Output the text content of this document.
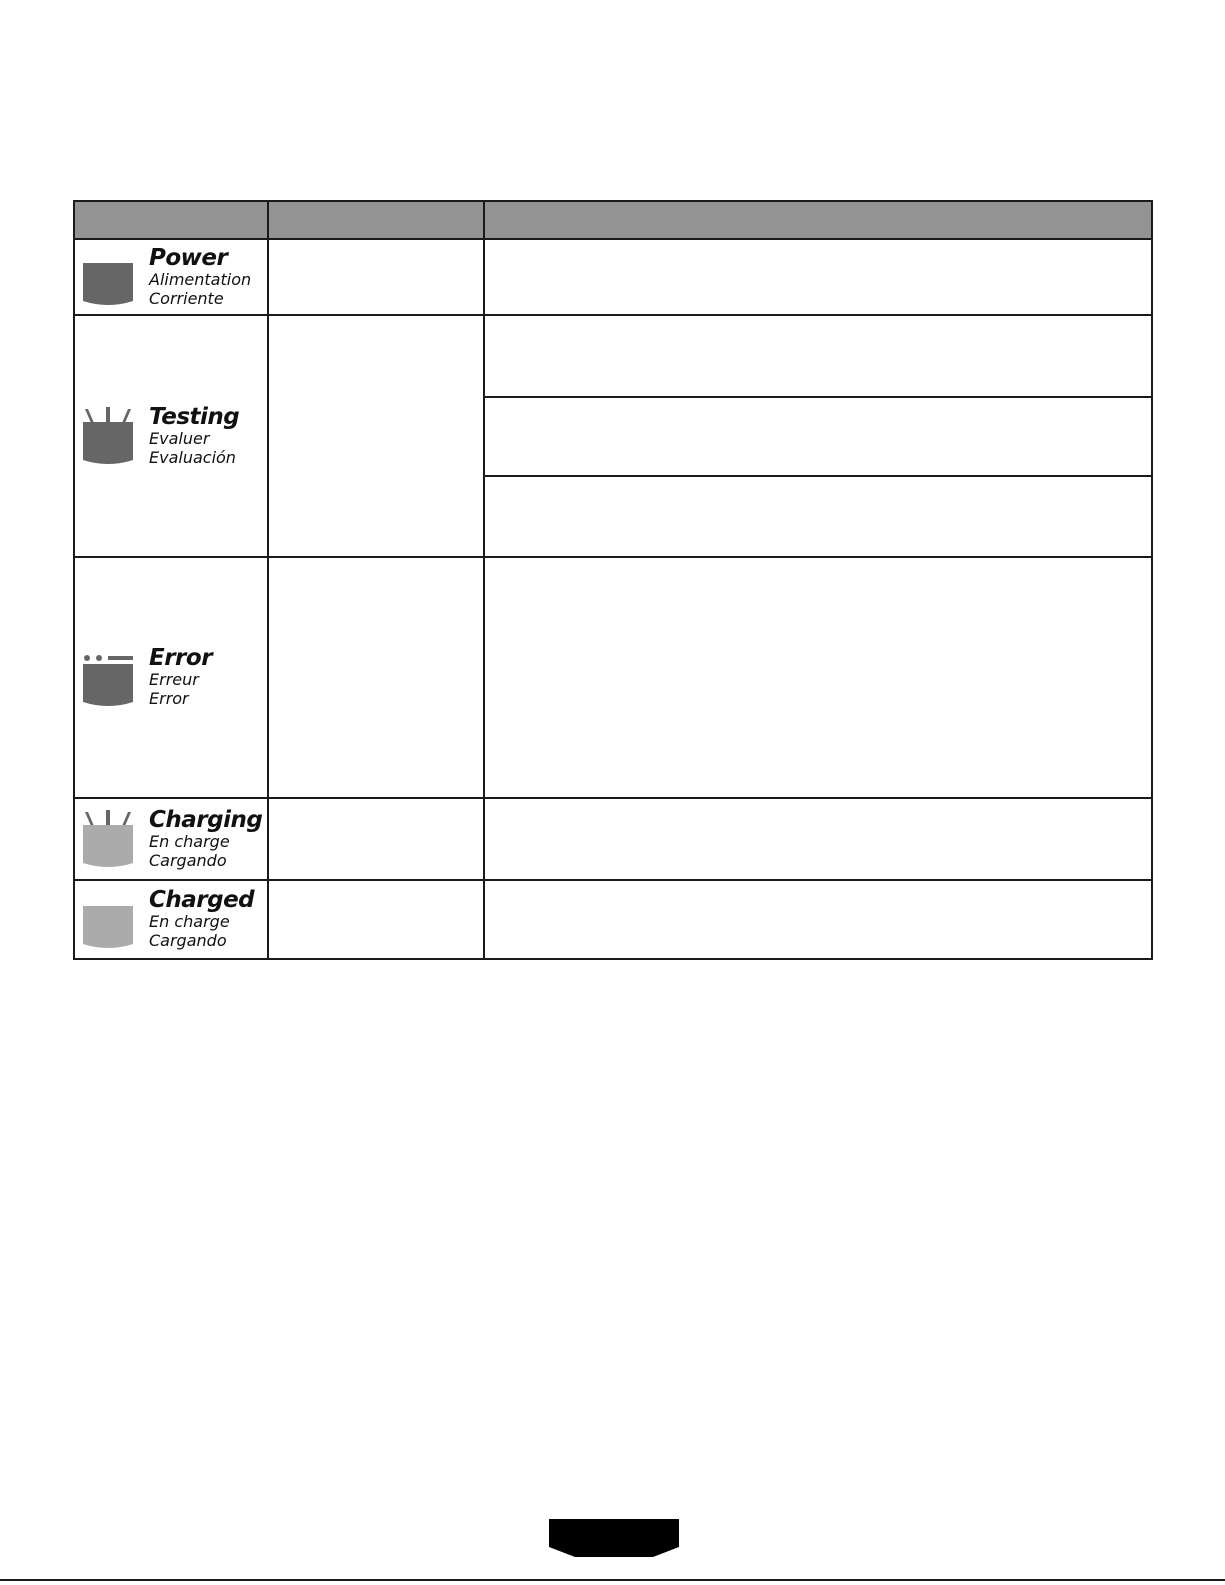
Power
Alimentation
Corriente		

Testing
Evaluer
Evaluación		

Error
Erreur
Error		

Charging
En charge
Cargando		

Charged
En charge
Cargando		
